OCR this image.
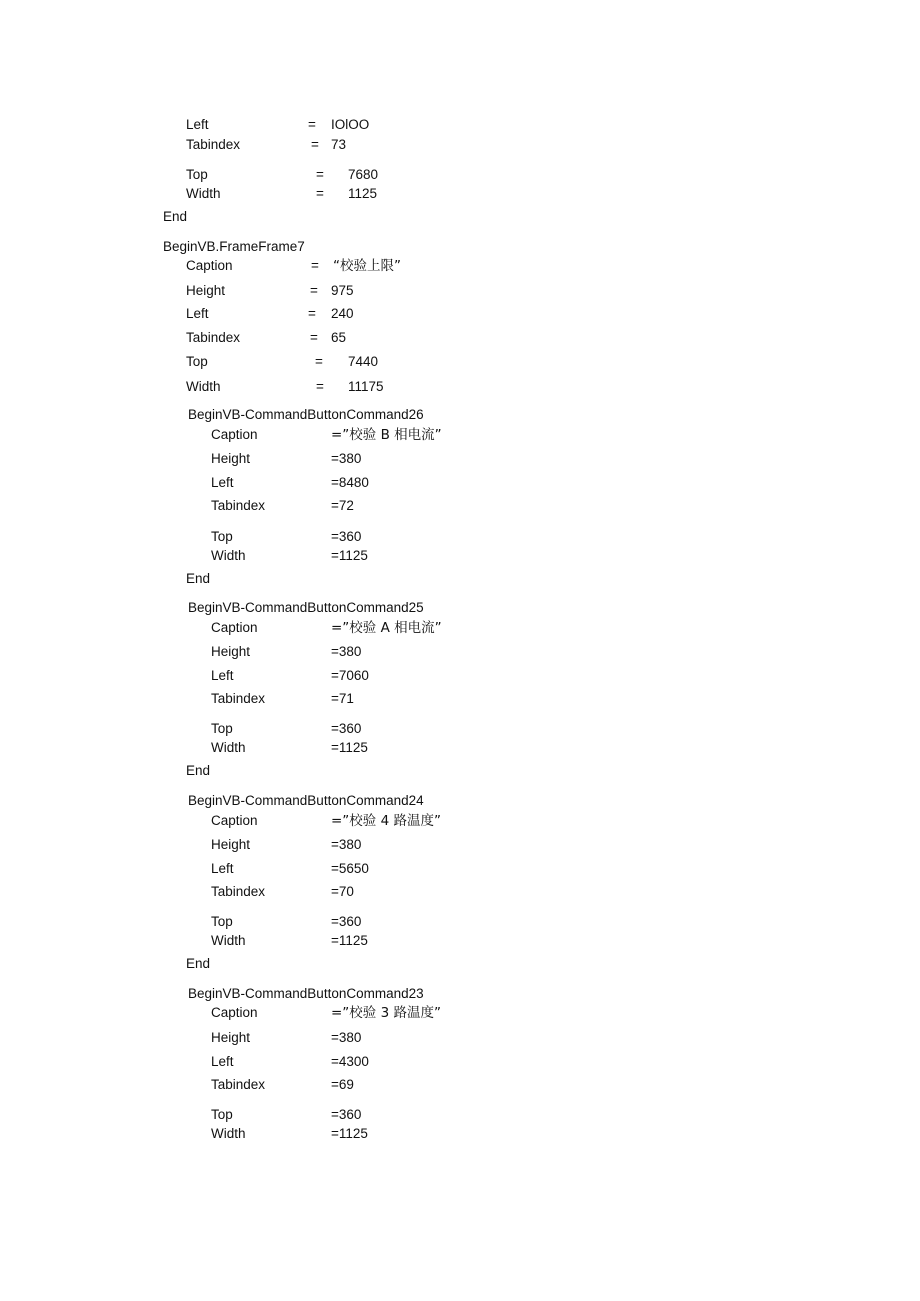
Left	= IOlOO
Tabindex	= 73
Top	= 7680
Width	= 1125
End
BeginVB.FrameFrame7
Caption	= “校验上限”
Height	= 975
Left	= 240
Tabindex	= 65
Top	= 7440
Width	= 11175
BeginVB-CommandButtonCommand26
Caption	=”校验 B 相电流”
Height	=380
Left	=8480
Tabindex	=72
Top	=360
Width	=1125
End
BeginVB-CommandButtonCommand25
Caption	=”校验 A 相电流”
Height	=380
Left	=7060
Tabindex	=71
Top	=360
Width	=1125
End
BeginVB-CommandButtonCommand24
Caption	=”校验 4 路温度”
Height	=380
Left	=5650
Tabindex	=70
Top	=360
Width	=1125
End
BeginVB-CommandButtonCommand23
Caption	=”校验 3 路温度”
Height	=380
Left	=4300
Tabindex	=69
Top	=360
Width	=1125
